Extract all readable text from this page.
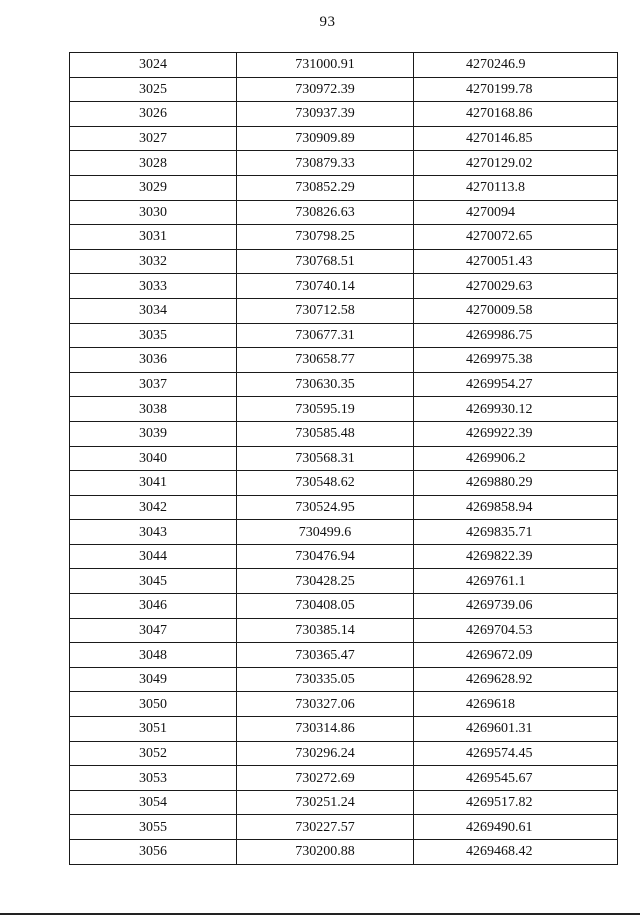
93
3024	731000.91	4270246.9
3025	730972.39	4270199.78
3026	730937.39	4270168.86
3027	730909.89	4270146.85
3028	730879.33	4270129.02
3029	730852.29	4270113.8
3030	730826.63	4270094
3031	730798.25	4270072.65
3032	730768.51	4270051.43
3033	730740.14	4270029.63
3034	730712.58	4270009.58
3035	730677.31	4269986.75
3036	730658.77	4269975.38
3037	730630.35	4269954.27
3038	730595.19	4269930.12
3039	730585.48	4269922.39
3040	730568.31	4269906.2
3041	730548.62	4269880.29
3042	730524.95	4269858.94
3043	730499.6	4269835.71
3044	730476.94	4269822.39
3045	730428.25	4269761.1
3046	730408.05	4269739.06
3047	730385.14	4269704.53
3048	730365.47	4269672.09
3049	730335.05	4269628.92
3050	730327.06	4269618
3051	730314.86	4269601.31
3052	730296.24	4269574.45
3053	730272.69	4269545.67
3054	730251.24	4269517.82
3055	730227.57	4269490.61
3056	730200.88	4269468.42
